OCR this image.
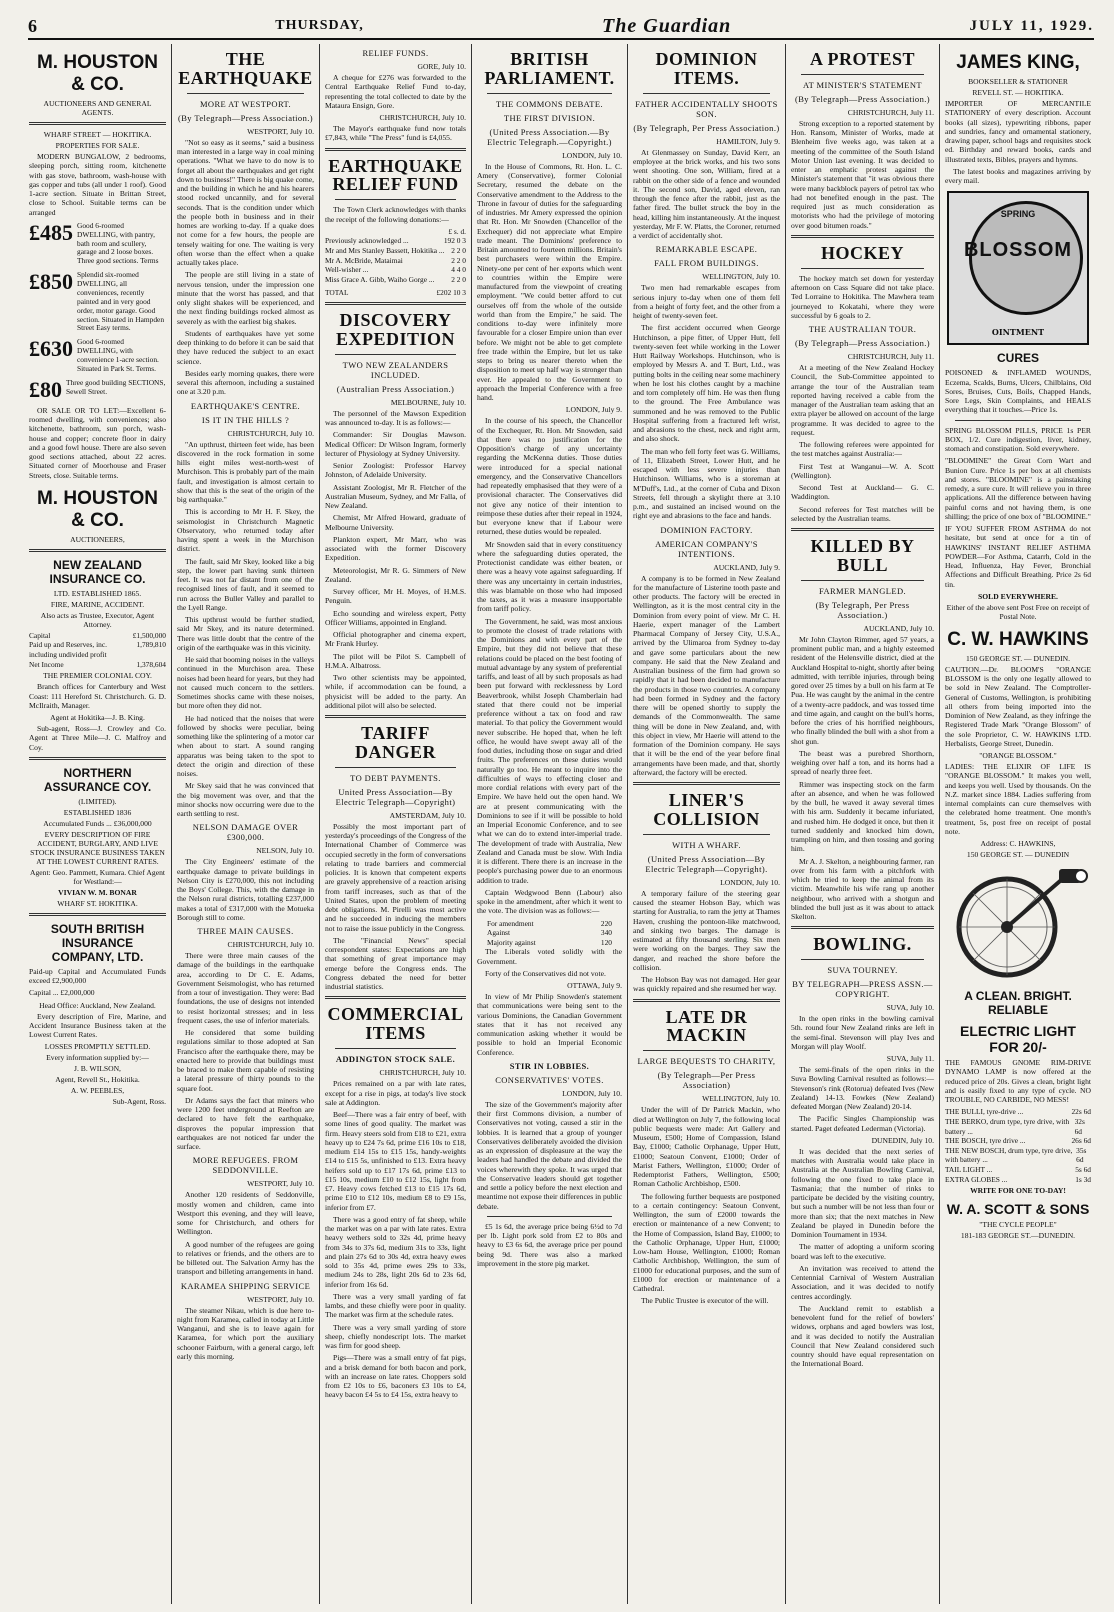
6	THURSDAY,	The Guardian	JULY 11, 1929.
M. HOUSTON & CO.
AUCTIONEERS AND GENERAL AGENTS.
WHARF STREET — HOKITIKA.
PROPERTIES FOR SALE.

MODERN BUNGALOW, 2 bedrooms, sleeping porch, sitting room, kitchenette with gas stove, bathroom, wash-house with gas copper and tubs (all under 1 roof). Good 1-acre section. Situate in Brittan Street, close to School. Suitable terms can be arranged

£485 Good 6-roomed DWELLING, with pantry, bath room and scullery, garage and 2 loose boxes. Three good sections. Terms
£850 Splendid six-roomed DWELLING, all conveniences, recently painted and in very good order, motor garage. Good section. Situated in Hampden Street Easy terms.
£630 Good 6-roomed DWELLING, with convenience 1-acre section. Situated in Park St. Terms.
£80 Three good building SECTIONS, Sewell Street.

OR SALE OR TO LET:—Excellent 6-roomed dwelling, with conveniences; also kitchenette, bathroom, sun porch, wash-house and copper; concrete floor in dairy and a good fowl house. There are also seven good sections attached, about 22 acres. Situated corner of Moorhouse and Fraser Streets, close. Suitable terms.

M. HOUSTON & CO.
AUCTIONEERS,
NEW ZEALAND INSURANCE CO.
LTD. ESTABLISHED 1865.
FIRE, MARINE, ACCIDENT.
Also acts as Trustee, Executor, Agent Attorney.
Capital	£1,500,000
Paid up and Reserves, inc. including undivided profit
1,789,810
Net Income	1,378,604
THE PREMIER COLONIAL COY.

Branch offices for Canterbury and West Coast: 111 Hereford St. Christchurch. G. D. McIlraith, Manager.

Agent at Hokitika—J. B. King.

Sub-agent, Ross—J. Crowley and Co. Agent at Three Mile—J. C. Malfroy and Coy.

NORTHERN ASSURANCE COY.
(LIMITED).
ESTABLISHED 1836
Accumulated Funds ... £36,000,000
EVERY DESCRIPTION OF FIRE ACCIDENT, BURGLARY, AND LIVE STOCK INSURANCE BUSINESS TAKEN AT THE LOWEST CURRENT RATES.
Agent: Geo. Pammett, Kumara. Chief Agent for Westland:—
VIVIAN W. M. BONAR
WHARF ST. HOKITIKA.
SOUTH BRITISH INSURANCE COMPANY, LTD.

Paid-up Capital and Accumulated Funds exceed £2,900,000

Capital ... £2,000,000

Head Office: Auckland, New Zealand.

Every description of Fire, Marine, and Accident Insurance Business taken at the Lowest Current Rates.

LOSSES PROMPTLY SETTLED.
Every information supplied by:—
J. B. WILSON,
Agent, Revell St., Hokitika.
A. W. PEEBLES,
Sub-Agent, Ross.
THE EARTHQUAKE
MORE AT WESTPORT.
(By Telegraph—Press Association.)
WESTPORT, July 10.

"Not so easy as it seems," said a business man interested in a large way in coal mining operations. "What we have to do now is to forget all about the earthquakes and get right down to business!" There is big quake come, and the building in which he and his hearers stood rocked uncannily, and for several seconds. That is the condition under which the people both in business and in their homes are working to-day. If a quake does not come for a few hours, the people are tensely waiting for one. The waiting is very often worse than the effect when a quake actually takes place.

The people are still living in a state of nervous tension, under the impression one minute that the worst has passed, and that only slight shakes will be experienced, and the next finding buildings rocked almost as severely as with the earliest big shakes.

Students of earthquakes have yet some deep thinking to do before it can be said that they have reduced the subject to an exact science.

Besides early morning quakes, there were several this afternoon, including a sustained one at 3.20 p.m.

EARTHQUAKE'S CENTRE.
IS IT IN THE HILLS ?
CHRISTCHURCH, July 10.

"An upthrust, thirteen feet wide, has been discovered in the rock formation in some hills eight miles west-north-west of Murchison. This is probably part of the main fault, and investigation is almost certain to show that this is the seat of the origin of the big earthquake."

This is according to Mr H. F. Skey, the seismologist in Christchurch Magnetic Observatory, who returned today after having spent a week in the Murchison district.

The fault, said Mr Skey, looked like a big step, the lower part having sunk thirteen feet. It was not far distant from one of the recognised lines of fault, and it seemed to run across the Buller Valley and parallel to the Lyell Range.

This upthrust would be further studied, said Mr Skey, and its nature determined. There was little doubt that the centre of the origin of the earthquake was in this vicinity.

He said that booming noises in the valleys continued in the Murchison area. These noises had been heard for years, but they had not caused much concern to the settlers. Sometimes shocks came with these noises, but more often they did not.

He had noticed that the noises that were followed by shocks were peculiar, being something like the splintering of a motor car when about to start. A sound ranging apparatus was being taken to the spot to detect the origin and direction of these noises.

Mr Skey said that he was convinced that the big movement was over, and that the minor shocks now occurring were due to the earth settling to rest.

NELSON DAMAGE OVER £300,000.
NELSON, July 10.

The City Engineers' estimate of the earthquake damage to private buildings in Nelson City is £270,000, this not including the Boys' College. This, with the damage in the Nelson rural districts, totalling £237,000 makes a total of £317,000 with the Motueka Borough still to come.

THREE MAIN CAUSES.
CHRISTCHURCH, July 10.

There were three main causes of the damage of the buildings in the earthquake area, according to Dr C. E. Adams, Government Seismologist, who has returned from a tour of investigation. They were: Bad foundations, the use of designs not intended to resist horizontal stresses; and in less frequent cases, the use of inferior materials.

He considered that some building regulations similar to those adopted at San Francisco after the earthquake there, may be enacted here to provide that buildings must be braced to make them capable of resisting a lateral pressure of thirty pounds to the square foot.

Dr Adams says the fact that miners who were 1200 feet underground at Reefton are declared to have felt the earthquake, disproves the popular impression that earthquakes are not noticed far under the surface.

MORE REFUGEES. FROM SEDDONVILLE.
WESTPORT, July 10.

Another 120 residents of Seddonville, mostly women and children, came into Westport this evening, and they will leave, some for Christchurch, and others for Wellington.

A good number of the refugees are going to relatives or friends, and the others are to be billeted out. The Salvation Army has the transport and billeting arrangements in hand.

KARAMEA SHIPPING SERVICE
WESTPORT, July 10.

The steamer Nikau, which is due here to-night from Karamea, called in today at Little Wanganui, and she is to leave again for Karamea, for which port the auxiliary schooner Fairburn, with a general cargo, left early this morning.

RELIEF FUNDS.
GORE, July 10.

A cheque for £276 was forwarded to the Central Earthquake Relief Fund to-day, representing the total collected to date by the Mataura Ensign, Gore.

CHRISTCHURCH, July 10.

The Mayor's earthquake fund now totals £7,843, while "The Press" fund is £4,055.

EARTHQUAKE RELIEF FUND

The Town Clerk acknowledges with thanks the receipt of the following donations:—

£ s. d.
Previously acknowledged ...	192 0 3
Mr and Mrs Stanley Bassett, Hokitika ... 2 2 0
Mr A. McBride, Mataimai	2 2 0
Well-wisher ...	4 4 0
Miss Grace A. Gibb, Waiho Gorge ... 2 2 0
TOTAL	£202 10 3
DISCOVERY EXPEDITION
TWO NEW ZEALANDERS INCLUDED.
(Australian Press Association.)
MELBOURNE, July 10.

The personnel of the Mawson Expedition was announced to-day. It is as follows:—

Commander: Sir Douglas Mawson. Medical Officer: Dr Wilson Ingram, formerly lecturer of Physiology at Sydney University.

Senior Zoologist: Professor Harvey Johnston, of Adelaide University.

Assistant Zoologist, Mr R. Fletcher of the Australian Museum, Sydney, and Mr Falla, of New Zealand.

Chemist, Mr Alfred Howard, graduate of Melbourne University.

Plankton expert, Mr Marr, who was associated with the former Discovery Expedition.

Meteorologist, Mr R. G. Simmers of New Zealand.

Survey officer, Mr H. Moyes, of H.M.S. Penguin.

Echo sounding and wireless expert, Petty Officer Williams, appointed in England.

Official photographer and cinema expert, Mr Frank Hurley.

The pilot will be Pilot S. Campbell of H.M.A. Albatross.

Two other scientists may be appointed, while, if accommodation can be found, a physicist will be added to the party. An additional pilot will also be selected.

TARIFF DANGER
TO DEBT PAYMENTS.
United Press Association—By Electric Telegraph—Copyright)
AMSTERDAM, July 10.

Possibly the most important part of yesterday's proceedings of the Congress of the International Chamber of Commerce was occupied secretly in the form of conversations relating to trade barriers and commercial policies. It is known that competent experts are gravely apprehensive of a reaction arising from tariff increases, such as that of the United States, upon the problem of meeting debt obligations. M. Pirelli was most active and he succeeded in inducing the members not to raise the issue publicly in the Congress.

The "Financial News" special correspondent states: Expectations are high that something of great importance may emerge before the Congress ends. The Congress debated the need for better industrial statistics.

COMMERCIAL ITEMS
ADDINGTON STOCK SALE.
CHRISTCHURCH, July 10.

Prices remained on a par with late rates, except for a rise in pigs, at today's live stock sale at Addington.

Beef—There was a fair entry of beef, with some lines of good quality. The market was firm. Heavy steers sold from £18 to £21, extra heavy up to £24 7s 6d, prime £16 10s to £18, medium £14 15s to £15 15s, handy-weights £14 to £15 5s, unfinished to £13. Extra heavy heifers sold up to £17 17s 6d, prime £13 to £15 10s, medium £10 to £12 15s, light from £7. Heavy cows fetched £13 to £15 17s 6d, prime £10 to £12 10s, medium £8 to £9 15s, inferior from £7.

There was a good entry of fat sheep, while the market was on a par with late rates. Extra heavy wethers sold to 32s 4d, prime heavy from 34s to 37s 6d, medium 31s to 33s, light and plain 27s 6d to 30s 4d, extra heavy ewes sold to 35s 4d, prime ewes 29s to 33s, medium 24s to 28s, light 20s 6d to 23s 6d, inferior from 16s 6d.

There was a very small yarding of fat lambs, and these chiefly were poor in quality. The market was firm at the schedule rates.

There was a very small yarding of store sheep, chiefly nondescript lots. The market was firm for good sheep.

Pigs—There was a small entry of fat pigs, and a brisk demand for both bacon and pork, with an increase on late rates. Choppers sold from £2 10s to £6, baconers £3 10s to £4, heavy bacon £4 5s to £4 15s, extra heavy to

BRITISH PARLIAMENT.
THE COMMONS DEBATE.
THE FIRST DIVISION.
(United Press Association.—By Electric Telegraph.—Copyright.)
LONDON, July 10.

In the House of Commons, Rt. Hon. L. C. Amery (Conservative), former Colonial Secretary, resumed the debate on the Conservative amendment to the Address to the Throne in favour of duties for the safeguarding of industries. Mr Amery expressed the opinion that Rt. Hon. Mr Snowden (Chancellor of the Exchequer) did not appreciate what Empire trade meant. The Dominions' preference to Britain amounted to fourteen millions. Britain's best purchasers were within the Empire. Ninety-one per cent of her exports which went to countries within the Empire were manufactured from the viewpoint of creating employment. "We could better afford to cut ourselves off from the whole of the outside world than from the Empire," he said. The conditions to-day were infinitely more favourable for a closer Empire union than ever before. We might not be able to get complete free trade within the Empire, but let us take steps to bring us nearer thereto when the disposition to meet up half way is stronger than ever. He appealed to the Government to approach the Imperial Conference with a free hand.

LONDON, July 9.

In the course of his speech, the Chancellor of the Exchequer, Rt. Hon. Mr Snowden, said that there was no justification for the Opposition's charge of any uncertainty regarding the McKenna duties. Those duties were introduced for a special national emergency, and the Conservative Chancellors had repeatedly emphasised that they were of a provisional character. The Conservatives did not give any notice of their intention to reimpose these duties after their repeal in 1924, but everyone knew that if Labour were returned, these duties would be repealed.

Mr Snowden said that in every constituency where the safeguarding duties operated, the Protectionist candidate was either beaten, or there was a heavy vote against safeguarding. If there was any uncertainty in certain industries, this was blamable on those who had imposed the taxes, as it was a measure insupportable from tariff policy.

The Government, he said, was most anxious to promote the closest of trade relations with the Dominions and with every part of the Empire, but they did not believe that these relations could be placed on the best footing of mutual advantage by any system of preferential tariffs, and least of all by such proposals as had been put forward with recklessness by Lord Beaverbrook, whilst Joseph Chamberlain had stated that there could not be imperial preference without a tax on food and raw material. To that policy the Government would never subscribe. He hoped that, when he left office, he would have swept away all of the food duties, including those on sugar and dried fruits. The preferences on these duties would naturally go too. He meant to inquire into the difficulties of ways to effecting closer and more cordial relations with every part of the Empire. We have held out the open hand. We are at present communicating with the Dominions to see if it will be possible to hold an Imperial Economic Conference, and to see what we can do to extend inter-imperial trade. The development of trade with Australia, New Zealand and Canada must be slow. With India it is different. There there is an increase in the people's purchasing power due to an enormous addition to trade.

Captain Wedgwood Benn (Labour) also spoke in the amendment, after which it went to the vote. The division was as follows:—

For amendment	220
Against	340
Majority against	120

The Liberals voted solidly with the Government.

Forty of the Conservatives did not vote.

OTTAWA, July 9.

In view of Mr Philip Snowden's statement that communications were being sent to the various Dominions, the Canadian Government states that it has not received any communication asking whether it would be possible to hold an Imperial Economic Conference.

STIR IN LOBBIES.
CONSERVATIVES' VOTES.
LONDON, July 10.

The size of the Government's majority after their first Commons division, a number of Conservatives not voting, caused a stir in the lobbies. It is learned that a group of younger Conservatives deliberately avoided the division as an expression of displeasure at the way the leaders had handled the debate and divided the voices wherewith they spoke. It was urged that the Conservative leaders should get together and settle a policy before the next election and meantime not expose their differences in public debate.

£5 1s 6d, the average price being 6½d to 7d per lb. Light pork sold from £2 to 80s and heavy to £3 6s 6d, the average price per pound being 9d. There was also a marked improvement in the store pig market.

DOMINION ITEMS.
FATHER ACCIDENTALLY SHOOTS SON.
(By Telegraph, Per Press Association.)
HAMILTON, July 9.

At Glenmassey on Sunday, David Kerr, an employee at the brick works, and his two sons went shooting. One son, William, fired at a rabbit on the other side of a fence and wounded it. The second son, David, aged eleven, ran through the fence after the rabbit, just as the father fired. The bullet struck the boy in the head, killing him instantaneously. At the inquest yesterday, Mr F. W. Platts, the Coroner, returned a verdict of accidentally shot.

REMARKABLE ESCAPE.
FALL FROM BUILDINGS.
WELLINGTON, July 10.

Two men had remarkable escapes from serious injury to-day when one of them fell from a height of forty feet, and the other from a height of twenty-seven feet.

The first accident occurred when George Hutchinson, a pipe fitter, of Upper Hutt, fell twenty-seven feet while working in the Lower Hutt Railway Workshops. Hutchinson, who is employed by Messrs A. and T. Burt, Ltd., was putting bolts in the ceiling near some machinery when he lost his clothes caught by a machine and torn completely off him. He was then flung to the ground. The Free Ambulance was summoned and he was removed to the Public Hospital suffering from a fractured left wrist, and abrasions to the chest, neck and right arm, and also shock.

The man who fell forty feet was G. Williams, of 11, Elizabeth Street, Lower Hutt, and he escaped with less severe injuries than Hutchinson. Williams, who is a storeman at M'Duff's, Ltd., at the corner of Cuba and Dixon Streets, fell through a skylight there at 3.10 p.m., and sustained an incised wound on the right eye and abrasions to the face and hands.

DOMINION FACTORY.
AMERICAN COMPANY'S INTENTIONS.
AUCKLAND, July 9.

A company is to be formed in New Zealand for the manufacture of Listerine tooth paste and other products. The factory will be erected in Wellington, as it is the most central city in the Dominion from every point of view. Mr C. H. Haerie, expert manager of the Lambert Pharmacal Company of Jersey City, U.S.A., arrived by the Ulimaroa from Sydney to-day and gave some particulars about the new company. He said that the New Zealand and Australian business of the firm had grown so rapidly that it had been decided to manufacture the products in those two countries. A company had been formed in Sydney and the factory there will be opened shortly to supply the demands of the Commonwealth. The same thing will be done in New Zealand, and, with this object in view, Mr Haerie will attend to the formation of the Dominion company. He says that it will be the end of the year before final arrangements have been made, and that, shortly afterward, the factory will be erected.

LINER'S COLLISION
WITH A WHARF.
(United Press Association—By Electric Telegraph—Copyright).
LONDON, July 10.

A temporary failure of the steering gear caused the steamer Hobson Bay, which was starting for Australia, to ram the jetty at Thames Haven, crushing the pontoon-like matchwood, and sinking two barges. The damage is estimated at fifty thousand sterling. Six men were working on the barges. They saw the danger, and reached the shore before the collision.

The Hobson Bay was not damaged. Her gear was quickly repaired and she resumed her way.

LATE DR MACKIN
LARGE BEQUESTS TO CHARITY,
(By Telegraph—Per Press Association)
WELLINGTON, July 10.

Under the will of Dr Patrick Mackin, who died at Wellington on July 7, the following local public bequests were made: Art Gallery and Museum, £500; Home of Compassion, Island Bay, £1000; Catholic Orphanage, Upper Hutt, £1000; Seatoun Convent, £1000; Order of Marist Fathers, Wellington, £1000; Order of Redemptorist Fathers, Wellington, £500; Roman Catholic Archbishop, £500.

The following further bequests are postponed to a certain contingency: Seatoun Convent, Wellington, the sum of £2000 towards the erection or maintenance of a new Convent; to the Home of Compassion, Island Bay, £1000; to the Catholic Orphanage, Upper Hutt, £1000; Low-ham House, Wellington, £1000; Roman Catholic Archbishop, Wellington, the sum of £1000 for educational purposes, and the sum of £1000 for erection or maintenance of a Cathedral.

The Public Trustee is executor of the will.

A PROTEST
AT MINISTER'S STATEMENT
(By Telegraph—Press Association.)
CHRISTCHURCH, July 11.

Strong exception to a reported statement by Hon. Ransom, Minister of Works, made at Blenheim five weeks ago, was taken at a meeting of the committee of the South Island Motor Union last evening. It was decided to enter an emphatic protest against the Minister's statement that "it was obvious there were many backblock payers of petrol tax who had not benefited enough in the past. The required just as much consideration as motorists who had the privilege of motoring over good bitumen roads."

HOCKEY

The hockey match set down for yesterday afternoon on Cass Square did not take place. Ted Lorraine to Hokitika. The Mawhera team journeyed to Kokatahi, where they were successful by 6 goals to 2.

THE AUSTRALIAN TOUR.
(By Telegraph—Press Association.)
CHRISTCHURCH, July 11.

At a meeting of the New Zealand Hockey Council, the Sub-Committee appointed to arrange the tour of the Australian team reported having received a cable from the manager of the Australian team asking that an extra player be allowed on account of the large programme. It was decided to agree to the request.

The following referees were appointed for the test matches against Australia:—

First Test at Wanganui—W. A. Scott (Wellington).

Second Test at Auckland— G. C. Waddington.

Second referees for Test matches will be selected by the Australian teams.

KILLED BY BULL
FARMER MANGLED.
(By Telegraph, Per Press Association.)
AUCKLAND, July 10.

Mr John Clayton Rimmer, aged 57 years, a prominent public man, and a highly esteemed resident of the Helensville district, died at the Auckland Hospital to-night, shortly after being admitted, with terrible injuries, through being gored over 25 times by a bull on his farm at Te Pua. He was caught by the animal in the centre of a twenty-acre paddock, and was tossed time and time again, and caught on the bull's horns, before the cries of his horrified neighbours, who finally blinded the bull with a shot from a shot gun.

The beast was a purebred Shorthorn, weighing over half a ton, and its horns had a spread of nearly three feet.

Rimmer was inspecting stock on the farm after an absence, and when he was followed by the bull, he waved it away several times with his arm. Suddenly it became infuriated, and rushed him. He dodged it once, but then it turned suddenly and knocked him down, trampling on him, and then tossing and goring him.

Mr A. J. Skelton, a neighbouring farmer, ran over from his farm with a pitchfork with which he tried to keep the animal from its victim. Meanwhile his wife rang up another neighbour, who arrived with a shotgun and blinded the bull just as it was about to attack Skelton.

BOWLING.
SUVA TOURNEY.
BY TELEGRAPH—PRESS ASSN.—COPYRIGHT.
SUVA, July 10.

In the open rinks in the bowling carnival 5th. round four New Zealand rinks are left in the semi-final. Stevenson will play Ives and Morgan will play Woolf.

SUVA, July 11.

The semi-finals of the open rinks in the Suva Bowling Carnival resulted as follows:—Stevenson's rink (Rotorua) defeated Ives (New Zealand) 14-13. Fowkes (New Zealand) defeated Morgan (New Zealand) 20-14.

The Pacific Singles Championship was started. Paget defeated Lederman (Victoria).

DUNEDIN, July 10.

It was decided that the next series of matches with Australia would take place in Australia at the Australian Bowling Carnival, following the one fixed to take place in Tasmania; that the number of rinks to participate be decided by the visiting country, but such a number will be not less than four or more than six; that the next matches in New Zealand be played in Dunedin before the Dominion Tournament in 1934.

The matter of adopting a uniform scoring board was left to the executive.

An invitation was received to attend the Centennial Carnival of Western Australian Association, and it was decided to notify centres accordingly.

The Auckland remit to establish a benevolent fund for the relief of bowlers' widows, orphans and aged bowlers was lost, and it was decided to notify the Australian Council that New Zealand considered such country should have equal representation on the International Board.

JAMES KING,
BOOKSELLER & STATIONER
REVELL ST. — HOKITIKA.

IMPORTER OF MERCANTILE STATIONERY of every description. Account books (all sizes), typewriting ribbons, paper and sundries, fancy and ornamental stationery, drawing paper, school bags and requisites stock ed. Birthday and reward books, cards and illustrated texts, Bibles, prayers and hymns.

The latest books and magazines arriving by every mail.

SPRING
BLOSSOM
OINTMENT
CURES

POISONED & INFLAMED WOUNDS, Eczema, Scalds, Burns, Ulcers, Chilblains, Old Sores, Bruises, Cuts, Boils, Chapped Hands, Sore Legs, Skin Complaints, and HEALS everything that it touches.—Price 1s.

SPRING BLOSSOM PILLS, PRICE 1s PER BOX, 1/2. Cure indigestion, liver, kidney, stomach and constipation. Sold everywhere.

"BLOOMINE" the Great Corn Wart and Bunion Cure. Price 1s per box at all chemists and stores. "BLOOMINE" is a painstaking remedy, a sure cure. It will relieve you in three applications. All the difference between having painful corns and not having them, is one shilling; the price of one box of "BLOOMINE."

IF YOU SUFFER FROM ASTHMA do not hesitate, but send at once for a tin of HAWKINS' INSTANT RELIEF ASTHMA POWDER—For Asthma, Catarrh, Cold in the Head, Influenza, Hay Fever, Bronchial Affections and Difficult Breathing. Price 2s 6d tin.

SOLD EVERYWHERE.
Either of the above sent Post Free on receipt of Postal Note.
C. W. HAWKINS
150 GEORGE ST. — DUNEDIN.

CAUTION.—Dr. BLOOM'S "ORANGE BLOSSOM is the only one legally allowed to be sold in New Zealand. The Comptroller-General of Customs, Wellington, is prohibiting all others from being imported into the Dominion of New Zealand, as they infringe the Registered Trade Mark "Orange Blossom" of the sole Proprietor, C. W. HAWKINS LTD. Herbalists, George Street, Dunedin.

"ORANGE BLOSSOM."

LADIES: THE ELIXIR OF LIFE IS "ORANGE BLOSSOM." It makes you well, and keeps you well. Used by thousands. On the N.Z. market since 1884. Ladies suffering from internal complaints can cure themselves with the celebrated home treatment. One month's treatment, 5s, post free on receipt of postal note.

Address: C. HAWKINS,
150 GEORGE ST. — DUNEDIN
A CLEAN. BRIGHT. RELIABLE
ELECTRIC LIGHT FOR 20/-

THE FAMOUS GNOME RIM-DRIVE DYNAMO LAMP is now offered at the reduced price of 20s. Gives a clean, bright light and is easily fixed to any type of cycle. NO TROUBLE, NO CARBIDE, NO MESS!

THE BULLI, tyre-drive ...	22s 6d
THE BERKO, drum type, tyre drive, with battery ...
32s 6d
THE BOSCH, tyre drive ...	26s 6d
THE NEW BOSCH, drum type, tyre drive, with battery ...
35s 6d
TAIL LIGHT ...	5s 6d
EXTRA GLOBES ...	1s 3d
WRITE FOR ONE TO-DAY!
W. A. SCOTT & SONS
"THE CYCLE PEOPLE"
181-183 GEORGE ST.—DUNEDIN.
